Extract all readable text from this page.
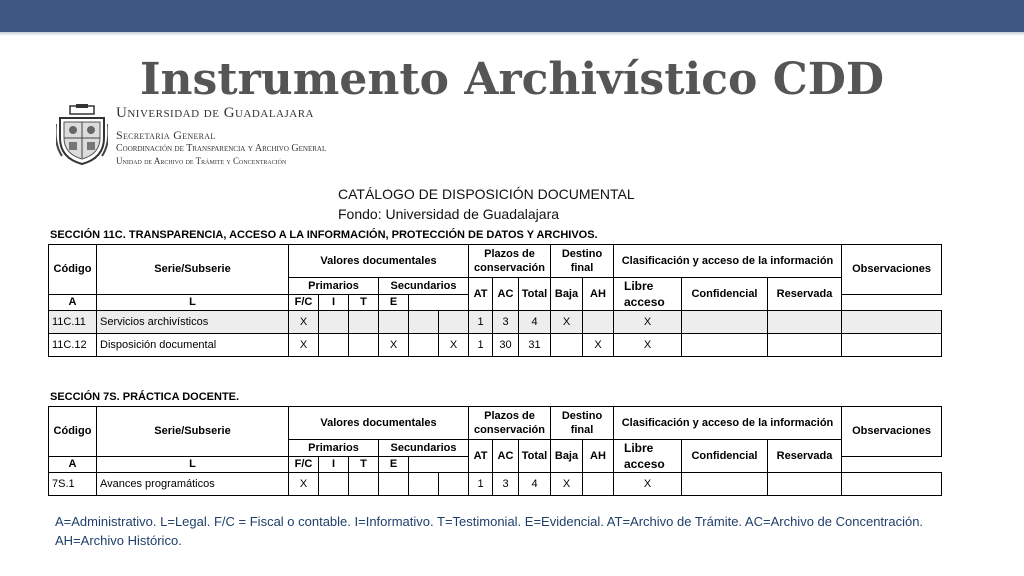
Instrumento Archivístico CDD
Universidad de Guadalajara
Secretaria General
Coordinación de Transparencia y Archivo General
Unidad de Archivo de Trámite y Concentración
CATÁLOGO DE DISPOSICIÓN DOCUMENTAL
Fondo: Universidad de Guadalajara
SECCIÓN 11C. TRANSPARENCIA, ACCESO A LA INFORMACIÓN, PROTECCIÓN DE DATOS Y ARCHIVOS.
Código	Serie/Subserie	Valores documentales						Plazos de conservación			Destino final		Clasificación y acceso de la información			Observaciones

		Primarios			Secundarios			AT	AC	Total	Baja	AH	Libre acceso	Confidencial	Reservada	
A	L	F/C	I	T	E											
11C.11	Servicios archivísticos	X						1	3	4	X		X			
11C.12	Disposición documental	X			X		X	1	30	31		X	X			
SECCIÓN 7S. PRÁCTICA DOCENTE.
Código	Serie/Subserie	Valores documentales						Plazos de conservación			Destino final		Clasificación y acceso de la información			Observaciones

		Primarios			Secundarios			AT	AC	Total	Baja	AH	Libre acceso	Confidencial	Reservada	
A	L	F/C	I	T	E											
7S.1	Avances programáticos	X						1	3	4	X		X			
A=Administrativo. L=Legal. F/C = Fiscal o contable. I=Informativo. T=Testimonial. E=Evidencial. AT=Archivo de Trámite. AC=Archivo de Concentración. AH=Archivo Histórico.
